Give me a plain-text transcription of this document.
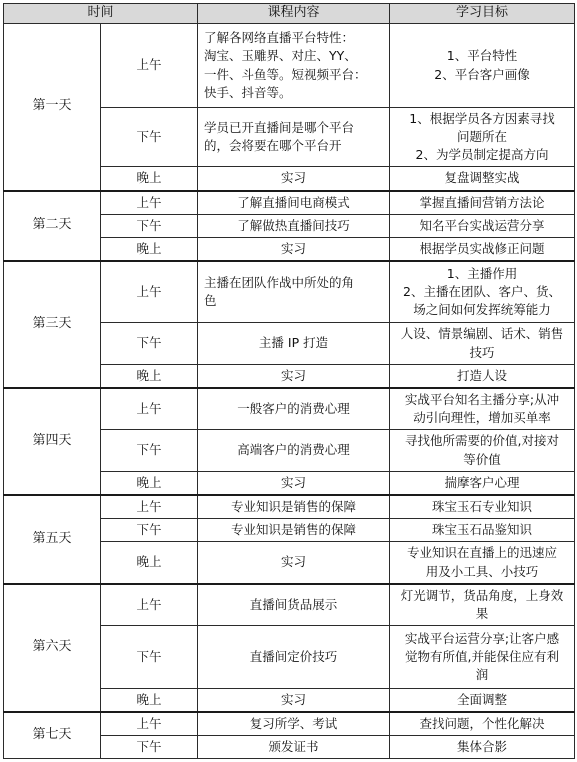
时间		课程内容	学习目标
第一天	上午	了解各网络直播平台特性：
淘宝、玉雕界、对庄、YY、
一件、斗鱼等。短视频平台：
快手、抖音等。	1、平台特性
2、平台客户画像

	下午	学员已开直播间是哪个平台
的，会将要在哪个平台开	1、根据学员各方因素寻找
问题所在
2、为学员制定提高方向

	晚上	实习	复盘调整实战

第二天	上午	了解直播间电商模式	掌握直播间营销方法论

	下午	了解做热直播间技巧	知名平台实战运营分享

	晚上	实习	根据学员实战修正问题

第三天	上午	主播在团队作战中所处的角
色	1、主播作用
2、主播在团队、客户、货、
场之间如何发挥统筹能力

	下午	主播 IP 打造	人设、情景编剧、话术、销售
技巧

	晚上	实习	打造人设

第四天	上午	一般客户的消费心理	实战平台知名主播分享;从冲
动引向理性，增加买单率

	下午	高端客户的消费心理	寻找他所需要的价值,对接对
等价值

	晚上	实习	揣摩客户心理

第五天	上午	专业知识是销售的保障	珠宝玉石专业知识

	下午	专业知识是销售的保障	珠宝玉石品鉴知识

	晚上	实习	专业知识在直播上的迅速应
用及小工具、小技巧

第六天	上午	直播间货品展示	灯光调节，货品角度，上身效
果

	下午	直播间定价技巧	实战平台运营分享;让客户感
觉物有所值,并能保住应有利
润

	晚上	实习	全面调整

第七天	上午	复习所学、考试	查找问题，个性化解决

	下午	颁发证书	集体合影
